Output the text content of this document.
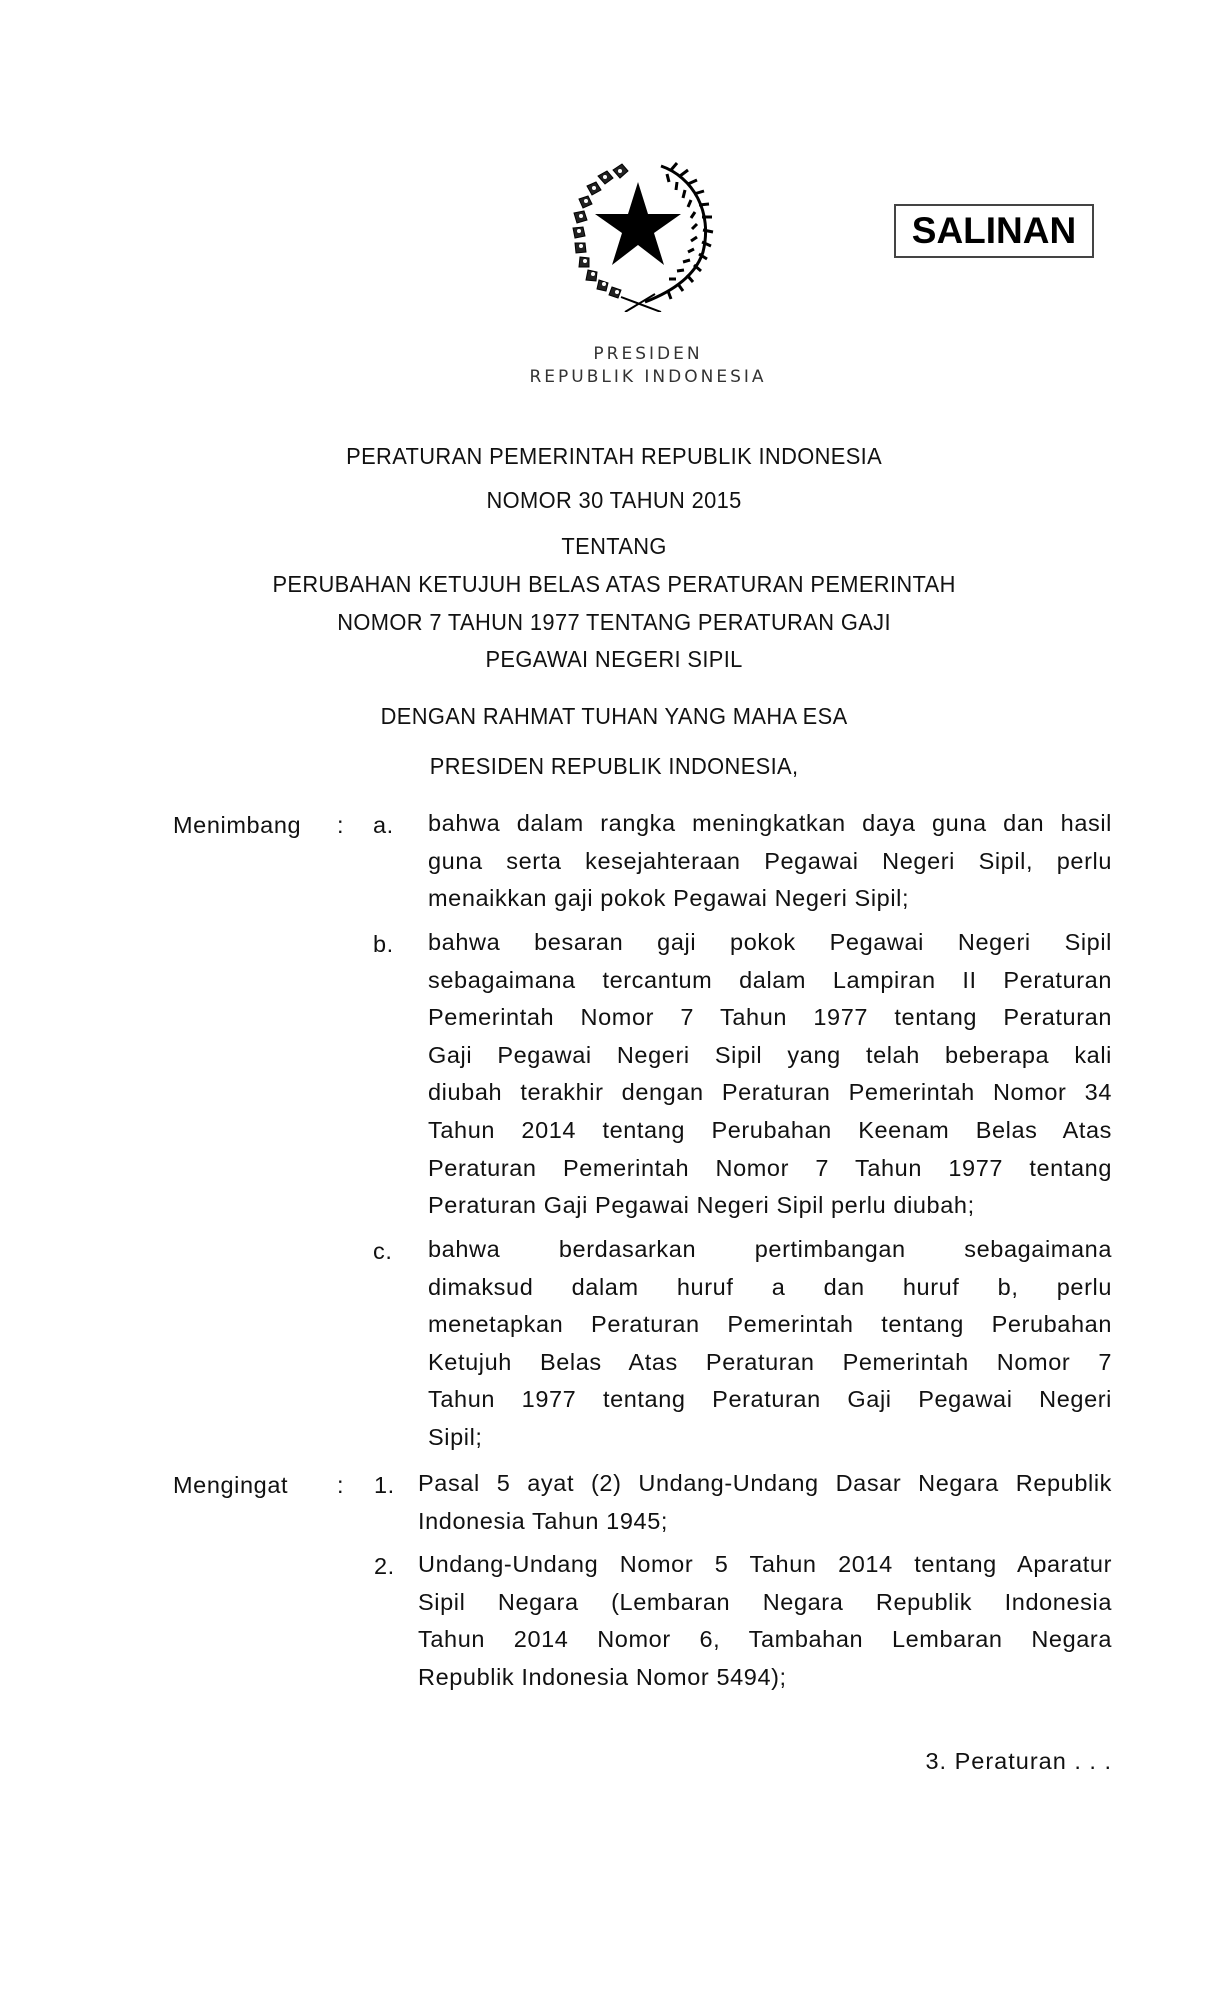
PRESIDEN
REPUBLIK INDONESIA
SALINAN
PERATURAN PEMERINTAH REPUBLIK INDONESIA
NOMOR 30 TAHUN 2015
TENTANG
PERUBAHAN KETUJUH BELAS ATAS PERATURAN PEMERINTAH
NOMOR 7 TAHUN 1977 TENTANG PERATURAN GAJI
PEGAWAI NEGERI SIPIL
DENGAN RAHMAT TUHAN YANG MAHA ESA
PRESIDEN REPUBLIK INDONESIA,
Menimbang : a. bahwa dalam rangka meningkatkan daya guna dan hasil
guna serta kesejahteraan Pegawai Negeri Sipil, perlu
menaikkan gaji pokok Pegawai Negeri Sipil;
b. bahwa besaran gaji pokok Pegawai Negeri Sipil
sebagaimana tercantum dalam Lampiran II Peraturan
Pemerintah Nomor 7 Tahun 1977 tentang Peraturan
Gaji Pegawai Negeri Sipil yang telah beberapa kali
diubah terakhir dengan Peraturan Pemerintah Nomor 34
Tahun 2014 tentang Perubahan Keenam Belas Atas
Peraturan Pemerintah Nomor 7 Tahun 1977 tentang
Peraturan Gaji Pegawai Negeri Sipil perlu diubah;
c. bahwa berdasarkan pertimbangan sebagaimana
dimaksud dalam huruf a dan huruf b, perlu
menetapkan Peraturan Pemerintah tentang Perubahan
Ketujuh Belas Atas Peraturan Pemerintah Nomor 7
Tahun 1977 tentang Peraturan Gaji Pegawai Negeri
Sipil;
Mengingat : 1. Pasal 5 ayat (2) Undang-Undang Dasar Negara Republik
Indonesia Tahun 1945;
2. Undang-Undang Nomor 5 Tahun 2014 tentang Aparatur
Sipil Negara (Lembaran Negara Republik Indonesia
Tahun 2014 Nomor 6, Tambahan Lembaran Negara
Republik Indonesia Nomor 5494);
3. Peraturan . . .
